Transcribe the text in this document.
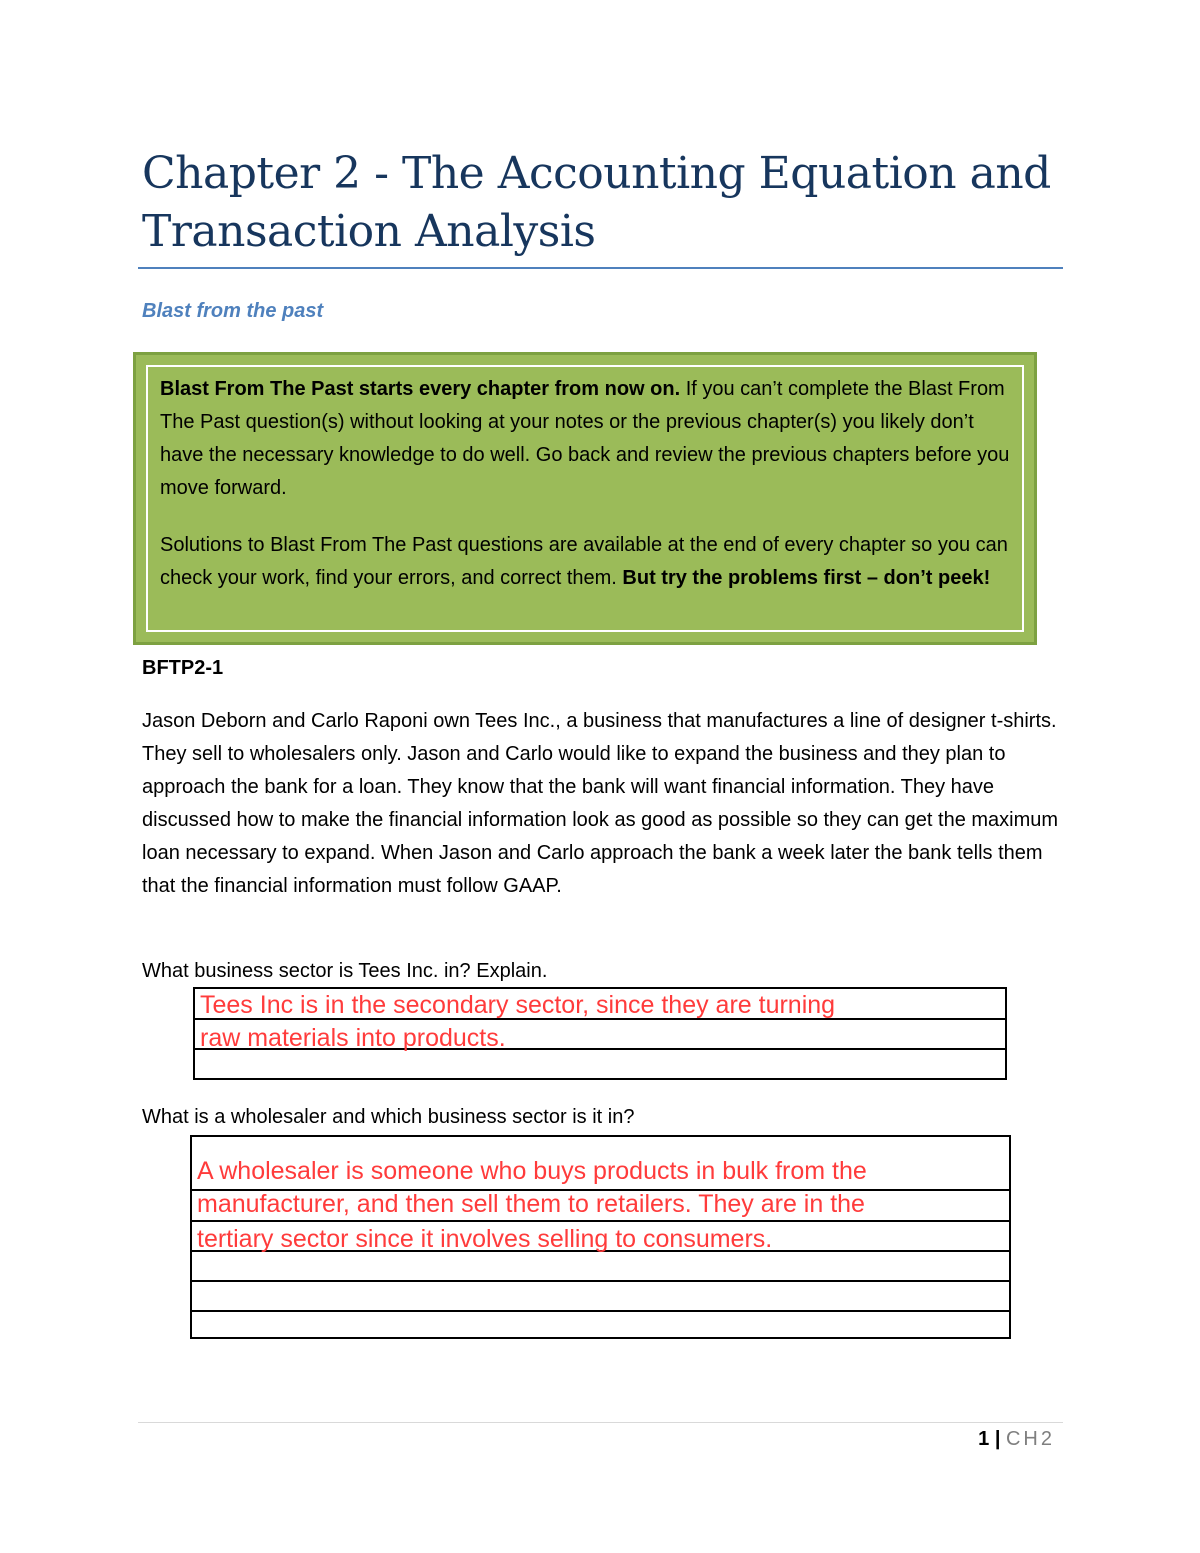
Chapter 2 - The Accounting Equation and Transaction Analysis
Blast from the past

Blast From The Past starts every chapter from now on. If you can’t complete the Blast From The Past question(s) without looking at your notes or the previous chapter(s) you likely don’t have the necessary knowledge to do well. Go back and review the previous chapters before you move forward.

Solutions to Blast From The Past questions are available at the end of every chapter so you can check your work, find your errors, and correct them. But try the problems first – don’t peek!

BFTP2-1

Jason Deborn and Carlo Raponi own Tees Inc., a business that manufactures a line of designer t-shirts. They sell to wholesalers only. Jason and Carlo would like to expand the business and they plan to approach the bank for a loan. They know that the bank will want financial information. They have discussed how to make the financial information look as good as possible so they can get the maximum loan necessary to expand. When Jason and Carlo approach the bank a week later the bank tells them that the financial information must follow GAAP.

What business sector is Tees Inc. in? Explain.
Tees Inc is in the secondary sector, since they are turning
raw materials into products.
What is a wholesaler and which business sector is it in?
A wholesaler is someone who buys products in bulk from the
manufacturer, and then sell them to retailers. They are in the
tertiary sector since it involves selling to consumers.
1 | CH2
